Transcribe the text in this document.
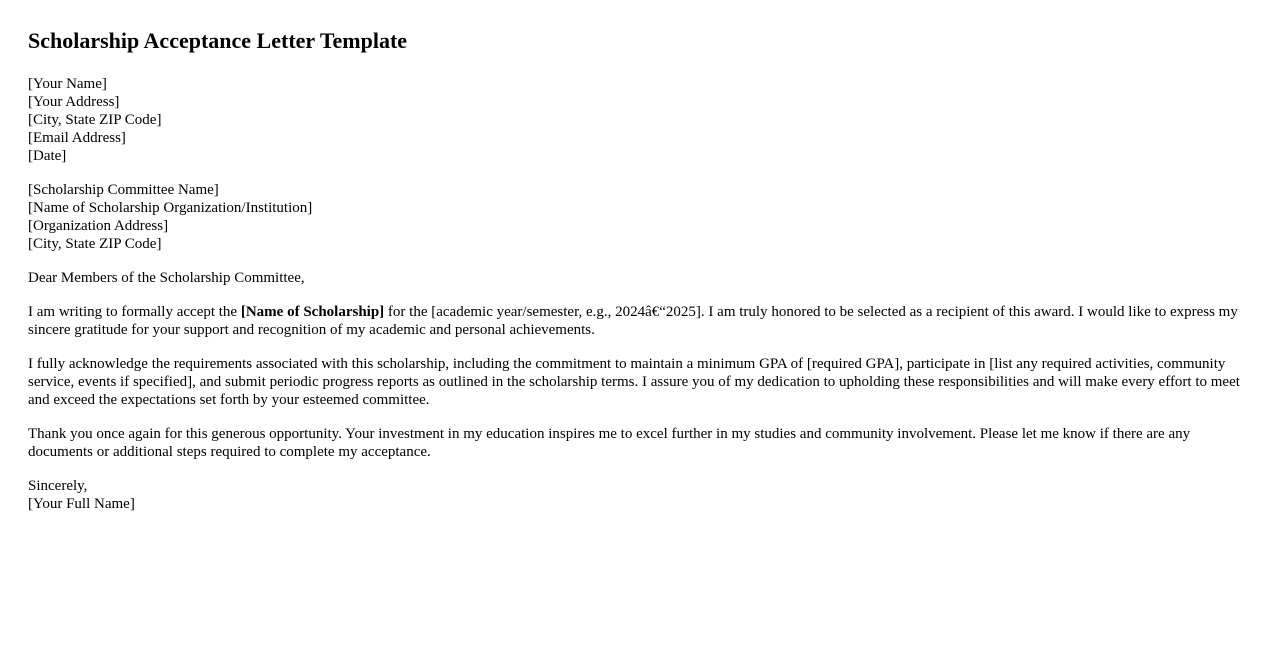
Scholarship Acceptance Letter Template
[Your Name]
[Your Address]
[City, State ZIP Code]
[Email Address]
[Date]
[Scholarship Committee Name]
[Name of Scholarship Organization/Institution]
[Organization Address]
[City, State ZIP Code]

Dear Members of the Scholarship Committee,

I am writing to formally accept the [Name of Scholarship] for the [academic year/semester, e.g., 2024â€“2025]. I am truly honored to be selected as a recipient of this award. I would like to express my sincere gratitude for your support and recognition of my academic and personal achievements.

I fully acknowledge the requirements associated with this scholarship, including the commitment to maintain a minimum GPA of [required GPA], participate in [list any required activities, community service, events if specified], and submit periodic progress reports as outlined in the scholarship terms. I assure you of my dedication to upholding these responsibilities and will make every effort to meet and exceed the expectations set forth by your esteemed committee.

Thank you once again for this generous opportunity. Your investment in my education inspires me to excel further in my studies and community involvement. Please let me know if there are any documents or additional steps required to complete my acceptance.

Sincerely,
[Your Full Name]
